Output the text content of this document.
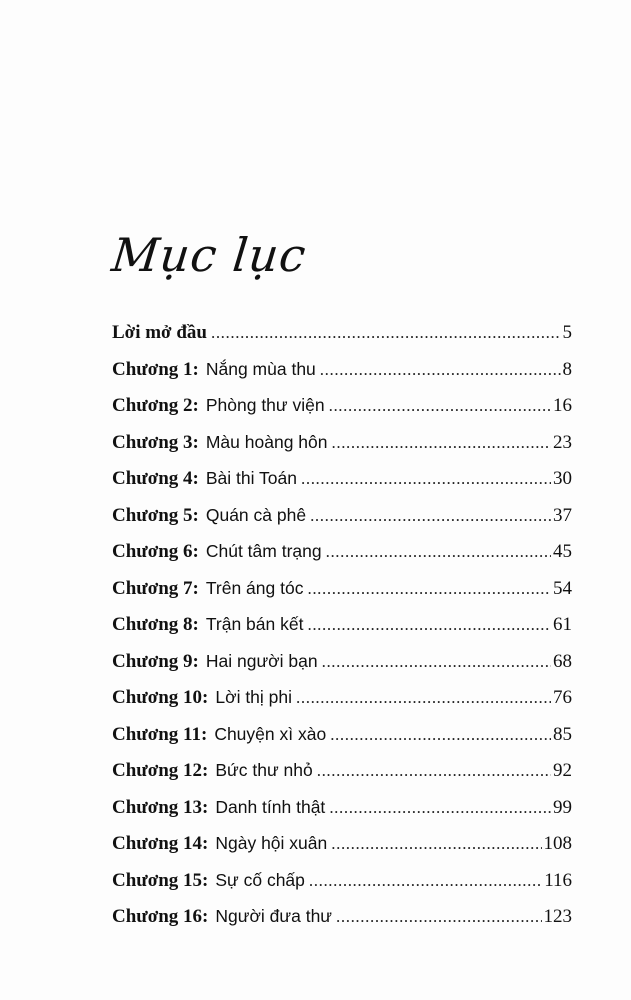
Mục lục
Lời mở đầu .....	5
Chương 1: Nắng mùa thu .....	8
Chương 2: Phòng thư viện .....	16
Chương 3: Màu hoàng hôn .....	23
Chương 4: Bài thi Toán .....	30
Chương 5: Quán cà phê .....	37
Chương 6: Chút tâm trạng .....	45
Chương 7: Trên áng tóc .....	54
Chương 8: Trận bán kết .....	61
Chương 9: Hai người bạn .....	68
Chương 10: Lời thị phi .....	76
Chương 11: Chuyện xì xào .....	85
Chương 12: Bức thư nhỏ .....	92
Chương 13: Danh tính thật .....	99
Chương 14: Ngày hội xuân .....	108
Chương 15: Sự cố chấp .....	116
Chương 16: Người đưa thư .....	123
